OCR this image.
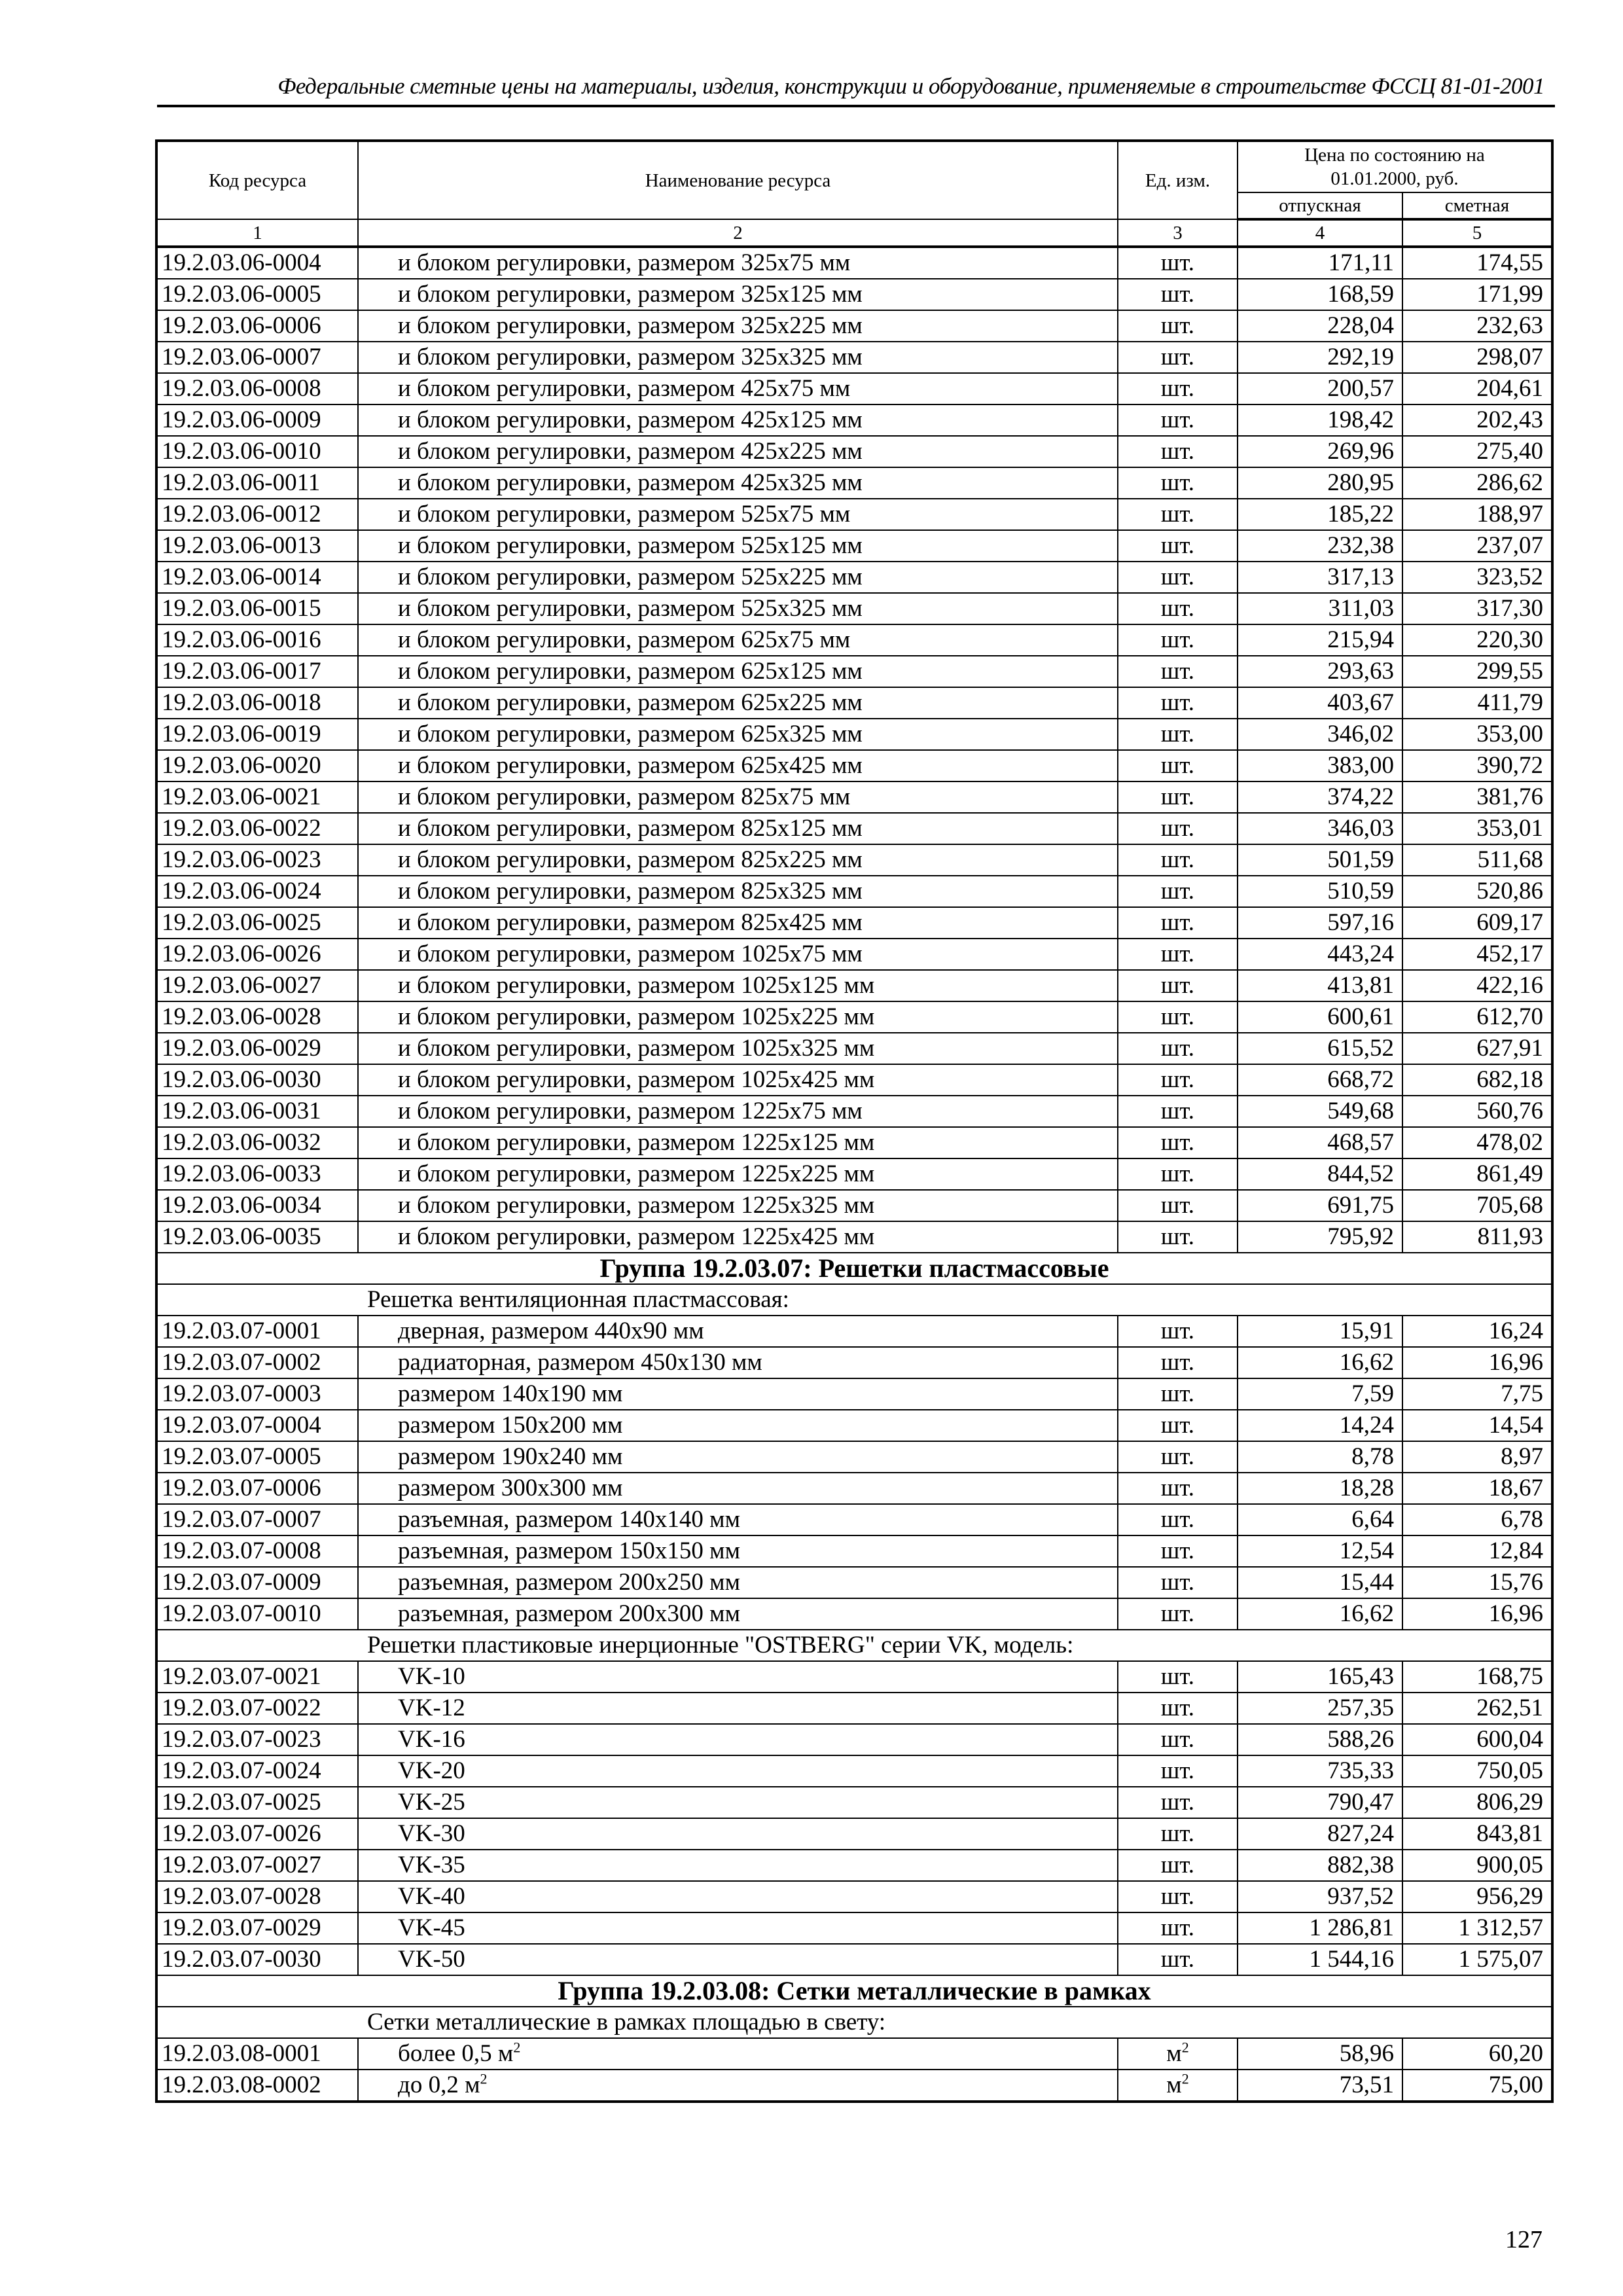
Федеральные сметные цены на материалы, изделия, конструкции и оборудование, применяемые в строительстве ФССЦ 81-01-2001
Код ресурса	Наименование ресурса	Ед. изм.	Цена по состоянию на 01.01.2000, руб.	
			отпускная	сметная
1	2	3	4	5
19.2.03.06-0004	и блоком регулировки, размером 325x75 мм	шт.	171,11	174,55
19.2.03.06-0005	и блоком регулировки, размером 325x125 мм	шт.	168,59	171,99
19.2.03.06-0006	и блоком регулировки, размером 325x225 мм	шт.	228,04	232,63
19.2.03.06-0007	и блоком регулировки, размером 325x325 мм	шт.	292,19	298,07
19.2.03.06-0008	и блоком регулировки, размером 425x75 мм	шт.	200,57	204,61
19.2.03.06-0009	и блоком регулировки, размером 425x125 мм	шт.	198,42	202,43
19.2.03.06-0010	и блоком регулировки, размером 425x225 мм	шт.	269,96	275,40
19.2.03.06-0011	и блоком регулировки, размером 425x325 мм	шт.	280,95	286,62
19.2.03.06-0012	и блоком регулировки, размером 525x75 мм	шт.	185,22	188,97
19.2.03.06-0013	и блоком регулировки, размером 525x125 мм	шт.	232,38	237,07
19.2.03.06-0014	и блоком регулировки, размером 525x225 мм	шт.	317,13	323,52
19.2.03.06-0015	и блоком регулировки, размером 525x325 мм	шт.	311,03	317,30
19.2.03.06-0016	и блоком регулировки, размером 625x75 мм	шт.	215,94	220,30
19.2.03.06-0017	и блоком регулировки, размером 625x125 мм	шт.	293,63	299,55
19.2.03.06-0018	и блоком регулировки, размером 625x225 мм	шт.	403,67	411,79
19.2.03.06-0019	и блоком регулировки, размером 625x325 мм	шт.	346,02	353,00
19.2.03.06-0020	и блоком регулировки, размером 625x425 мм	шт.	383,00	390,72
19.2.03.06-0021	и блоком регулировки, размером 825x75 мм	шт.	374,22	381,76
19.2.03.06-0022	и блоком регулировки, размером 825x125 мм	шт.	346,03	353,01
19.2.03.06-0023	и блоком регулировки, размером 825x225 мм	шт.	501,59	511,68
19.2.03.06-0024	и блоком регулировки, размером 825x325 мм	шт.	510,59	520,86
19.2.03.06-0025	и блоком регулировки, размером 825x425 мм	шт.	597,16	609,17
19.2.03.06-0026	и блоком регулировки, размером 1025x75 мм	шт.	443,24	452,17
19.2.03.06-0027	и блоком регулировки, размером 1025x125 мм	шт.	413,81	422,16
19.2.03.06-0028	и блоком регулировки, размером 1025x225 мм	шт.	600,61	612,70
19.2.03.06-0029	и блоком регулировки, размером 1025x325 мм	шт.	615,52	627,91
19.2.03.06-0030	и блоком регулировки, размером 1025x425 мм	шт.	668,72	682,18
19.2.03.06-0031	и блоком регулировки, размером 1225x75 мм	шт.	549,68	560,76
19.2.03.06-0032	и блоком регулировки, размером 1225x125 мм	шт.	468,57	478,02
19.2.03.06-0033	и блоком регулировки, размером 1225x225 мм	шт.	844,52	861,49
19.2.03.06-0034	и блоком регулировки, размером 1225x325 мм	шт.	691,75	705,68
19.2.03.06-0035	и блоком регулировки, размером 1225x425 мм	шт.	795,92	811,93
Группа 19.2.03.07: Решетки пластмассовые				
Решетка вентиляционная пластмассовая:				
19.2.03.07-0001	дверная, размером 440x90 мм	шт.	15,91	16,24
19.2.03.07-0002	радиаторная, размером 450x130 мм	шт.	16,62	16,96
19.2.03.07-0003	размером 140x190 мм	шт.	7,59	7,75
19.2.03.07-0004	размером 150x200 мм	шт.	14,24	14,54
19.2.03.07-0005	размером 190x240 мм	шт.	8,78	8,97
19.2.03.07-0006	размером 300x300 мм	шт.	18,28	18,67
19.2.03.07-0007	разъемная, размером 140x140 мм	шт.	6,64	6,78
19.2.03.07-0008	разъемная, размером 150x150 мм	шт.	12,54	12,84
19.2.03.07-0009	разъемная, размером 200x250 мм	шт.	15,44	15,76
19.2.03.07-0010	разъемная, размером 200x300 мм	шт.	16,62	16,96
Решетки пластиковые инерционные "OSTBERG" серии VK, модель:				
19.2.03.07-0021	VK-10	шт.	165,43	168,75
19.2.03.07-0022	VK-12	шт.	257,35	262,51
19.2.03.07-0023	VK-16	шт.	588,26	600,04
19.2.03.07-0024	VK-20	шт.	735,33	750,05
19.2.03.07-0025	VK-25	шт.	790,47	806,29
19.2.03.07-0026	VK-30	шт.	827,24	843,81
19.2.03.07-0027	VK-35	шт.	882,38	900,05
19.2.03.07-0028	VK-40	шт.	937,52	956,29
19.2.03.07-0029	VK-45	шт.	1 286,81	1 312,57
19.2.03.07-0030	VK-50	шт.	1 544,16	1 575,07
Группа 19.2.03.08: Сетки металлические в рамках				
Сетки металлические в рамках площадью в свету:				
19.2.03.08-0001	более 0,5 $м^2$	$м^2$	58,96	60,20
19.2.03.08-0002	до 0,2 $м^2$	$м^2$	73,51	75,00
127
